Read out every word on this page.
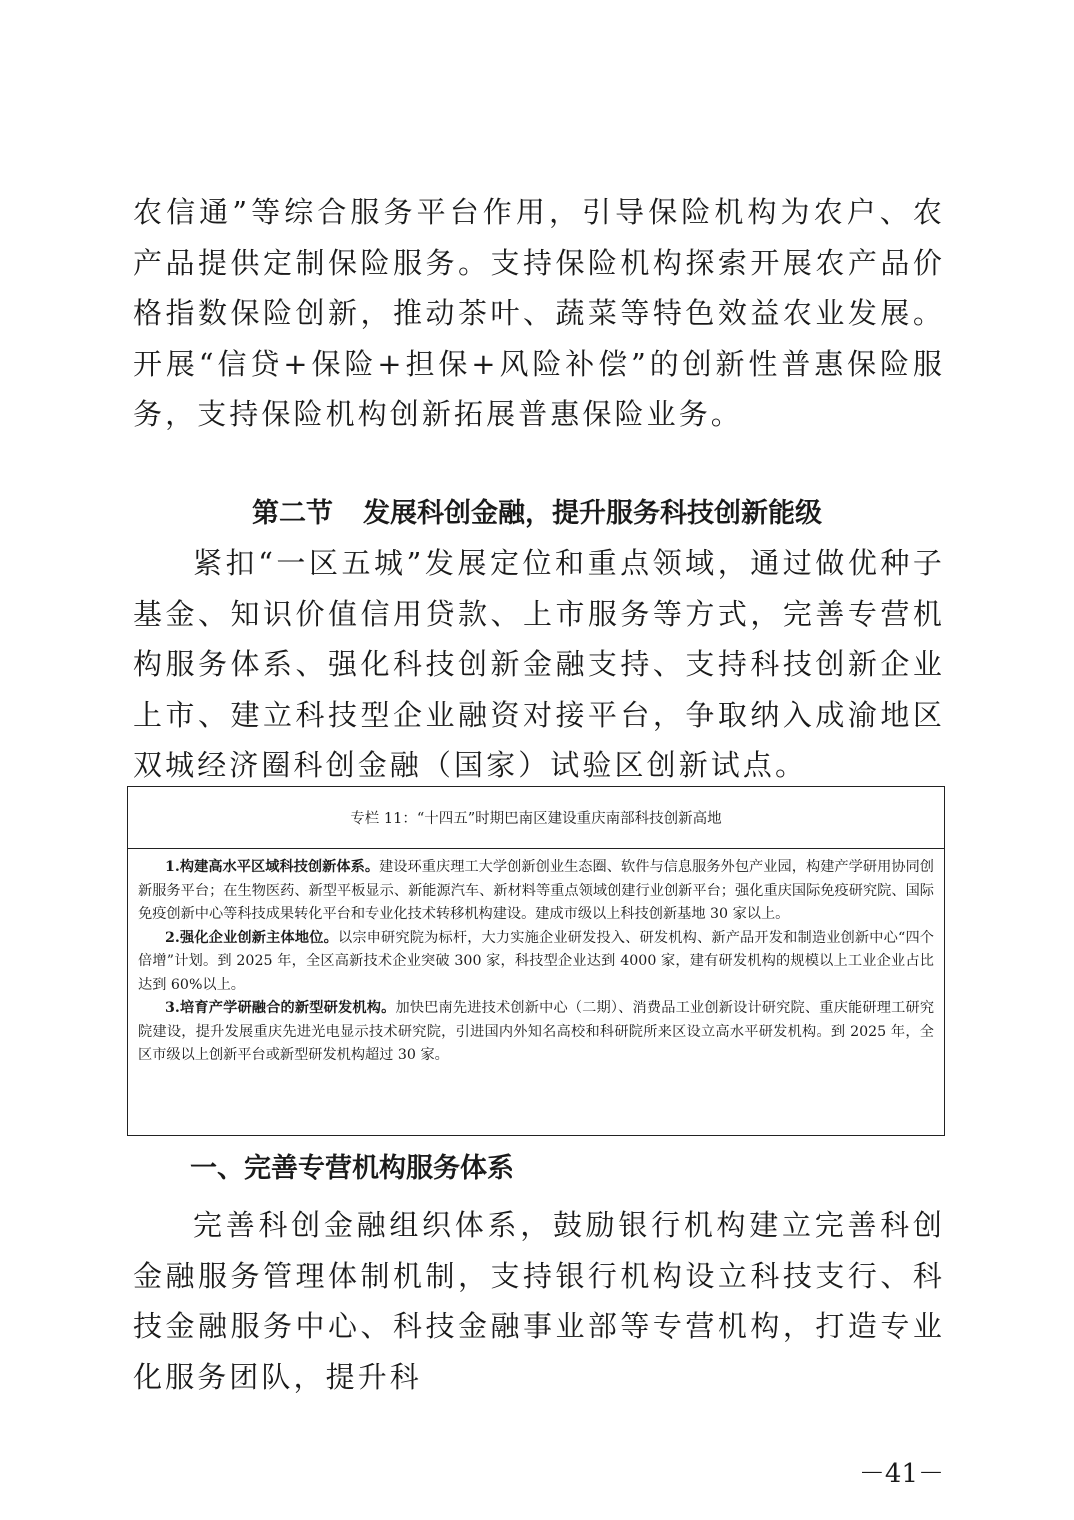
农信通”等综合服务平台作用，引导保险机构为农户、农产品提供定制保险服务。支持保险机构探索开展农产品价格指数保险创新，推动茶叶、蔬菜等特色效益农业发展。开展“信贷+保险+担保+风险补偿”的创新性普惠保险服务，支持保险机构创新拓展普惠保险业务。

第二节 发展科创金融，提升服务科技创新能级

紧扣“一区五城”发展定位和重点领域，通过做优种子基金、知识价值信用贷款、上市服务等方式，完善专营机构服务体系、强化科技创新金融支持、支持科技创新企业上市、建立科技型企业融资对接平台，争取纳入成渝地区双城经济圈科创金融（国家）试验区创新试点。

专栏 11：“十四五”时期巴南区建设重庆南部科技创新高地

1.构建高水平区域科技创新体系。建设环重庆理工大学创新创业生态圈、软件与信息服务外包产业园，构建产学研用协同创新服务平台；在生物医药、新型平板显示、新能源汽车、新材料等重点领域创建行业创新平台；强化重庆国际免疫研究院、国际免疫创新中心等科技成果转化平台和专业化技术转移机构建设。建成市级以上科技创新基地 30 家以上。

2.强化企业创新主体地位。以宗申研究院为标杆，大力实施企业研发投入、研发机构、新产品开发和制造业创新中心“四个倍增”计划。到 2025 年，全区高新技术企业突破 300 家，科技型企业达到 4000 家，建有研发机构的规模以上工业企业占比达到 60%以上。

3.培育产学研融合的新型研发机构。加快巴南先进技术创新中心（二期）、消费品工业创新设计研究院、重庆能研理工研究院建设，提升发展重庆先进光电显示技术研究院，引进国内外知名高校和科研院所来区设立高水平研发机构。到 2025 年，全区市级以上创新平台或新型研发机构超过 30 家。

一、完善专营机构服务体系

完善科创金融组织体系，鼓励银行机构建立完善科创金融服务管理体制机制，支持银行机构设立科技支行、科技金融服务中心、科技金融事业部等专营机构，打造专业化服务团队，提升科

－41－
